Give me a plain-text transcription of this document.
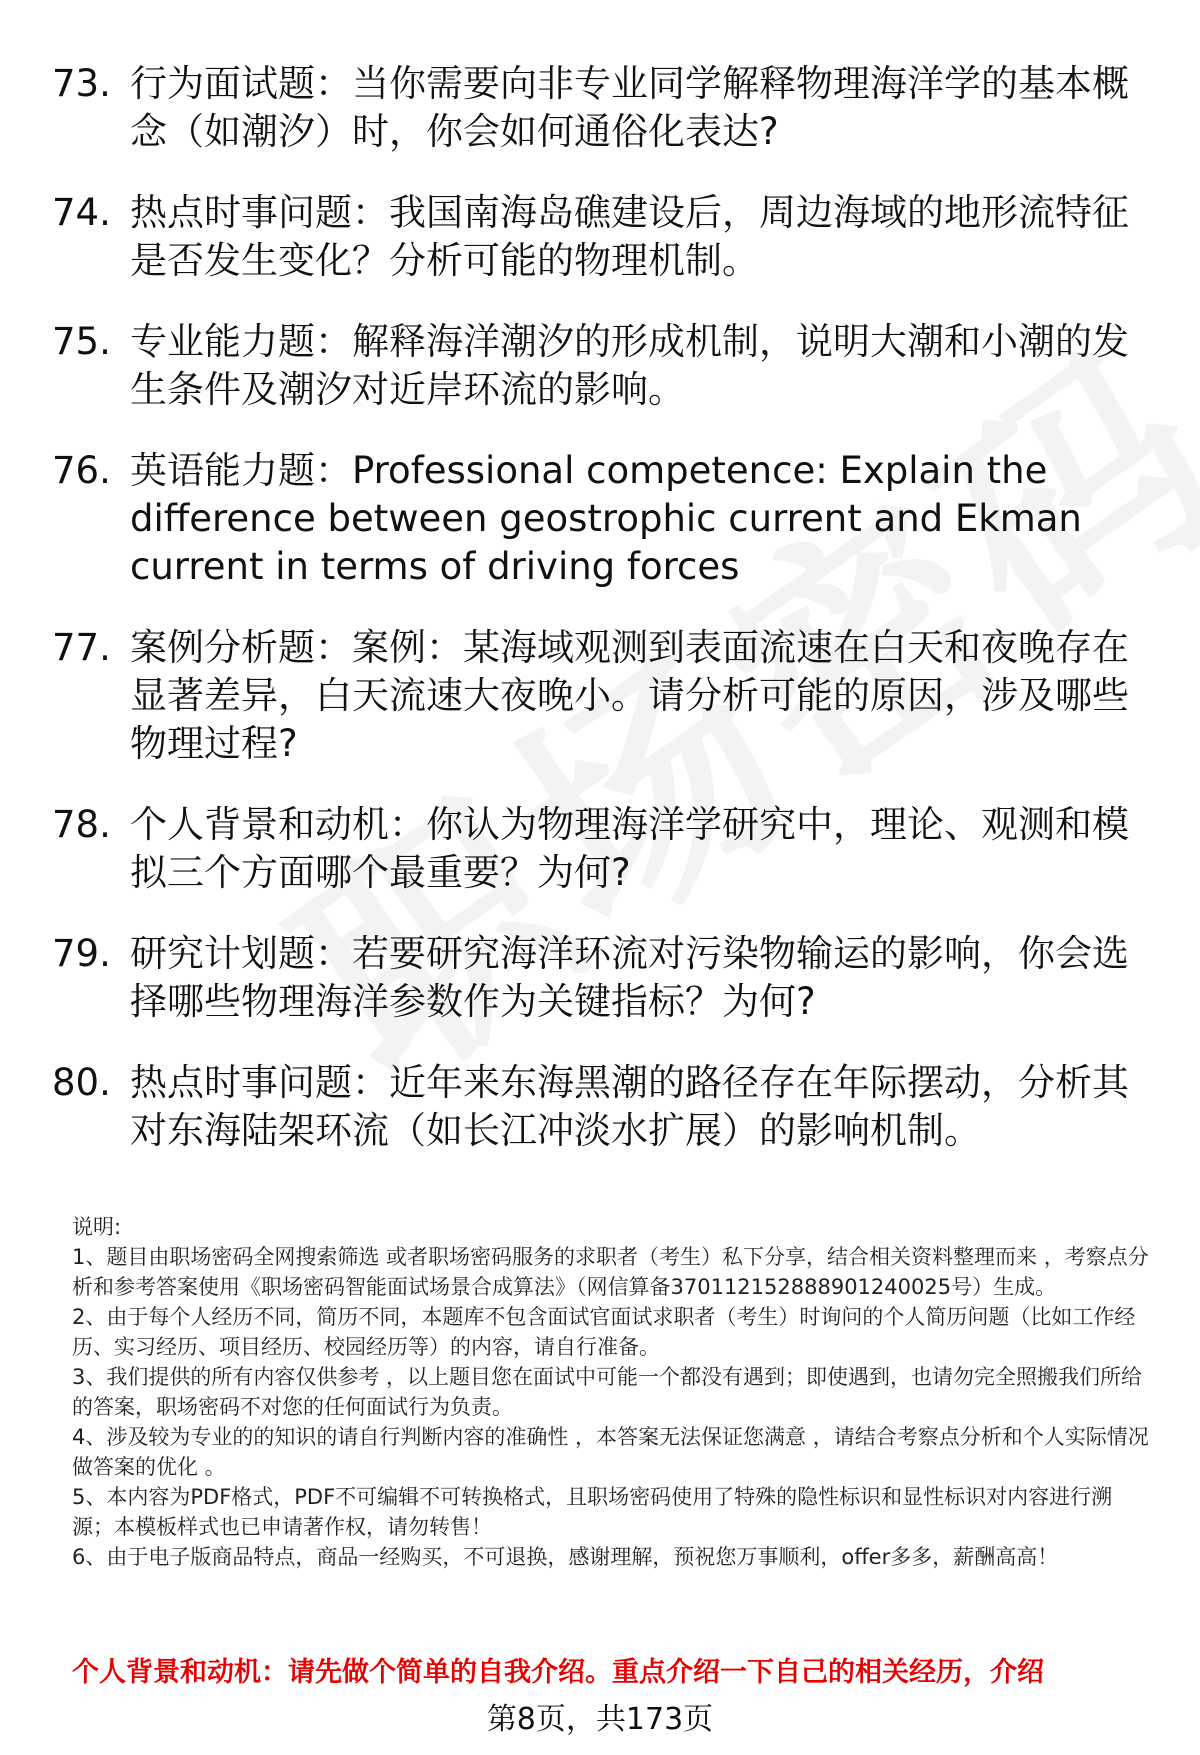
73. 行为面试题：当你需要向非专业同学解释物理海洋学的基本概念（如潮汐）时，你会如何通俗化表达?
74. 热点时事问题：我国南海岛礁建设后，周边海域的地形流特征是否发生变化？分析可能的物理机制。
75. 专业能力题：解释海洋潮汐的形成机制，说明大潮和小潮的发生条件及潮汐对近岸环流的影响。
76. 英语能力题：Professional competence: Explain the difference between geostrophic current and Ekman current in terms of driving forces
77. 案例分析题：案例：某海域观测到表面流速在白天和夜晚存在显著差异，白天流速大夜晚小。请分析可能的原因，涉及哪些物理过程?
78. 个人背景和动机：你认为物理海洋学研究中，理论、观测和模拟三个方面哪个最重要？为何?
79. 研究计划题：若要研究海洋环流对污染物输运的影响，你会选择哪些物理海洋参数作为关键指标？为何?
80. 热点时事问题：近年来东海黑潮的路径存在年际摆动，分析其对东海陆架环流（如长江冲淡水扩展）的影响机制。

说明:

1、题目由职场密码全网搜索筛选 或者职场密码服务的求职者（考生）私下分享，结合相关资料整理而来 ，考察点分析和参考答案使用《职场密码智能面试场景合成算法》（网信算备370112152888901240025号）生成。

2、由于每个人经历不同，简历不同，本题库不包含面试官面试求职者（考生）时询问的个人简历问题（比如工作经历、实习经历、项目经历、校园经历等）的内容，请自行准备。

3、我们提供的所有内容仅供参考 ，以上题目您在面试中可能一个都没有遇到；即使遇到，也请勿完全照搬我们所给的答案，职场密码不对您的任何面试行为负责。

4、涉及较为专业的的知识的请自行判断内容的准确性 ，本答案无法保证您满意 ，请结合考察点分析和个人实际情况做答案的优化 。

5、本内容为PDF格式，PDF不可编辑不可转换格式，且职场密码使用了特殊的隐性标识和显性标识对内容进行溯源；本模板样式也已申请著作权，请勿转售！

6、由于电子版商品特点，商品一经购买，不可退换，感谢理解，预祝您万事顺利，offer多多，薪酬高高！

个人背景和动机：请先做个简单的自我介绍。重点介绍一下自己的相关经历，介绍
第8页，共173页
